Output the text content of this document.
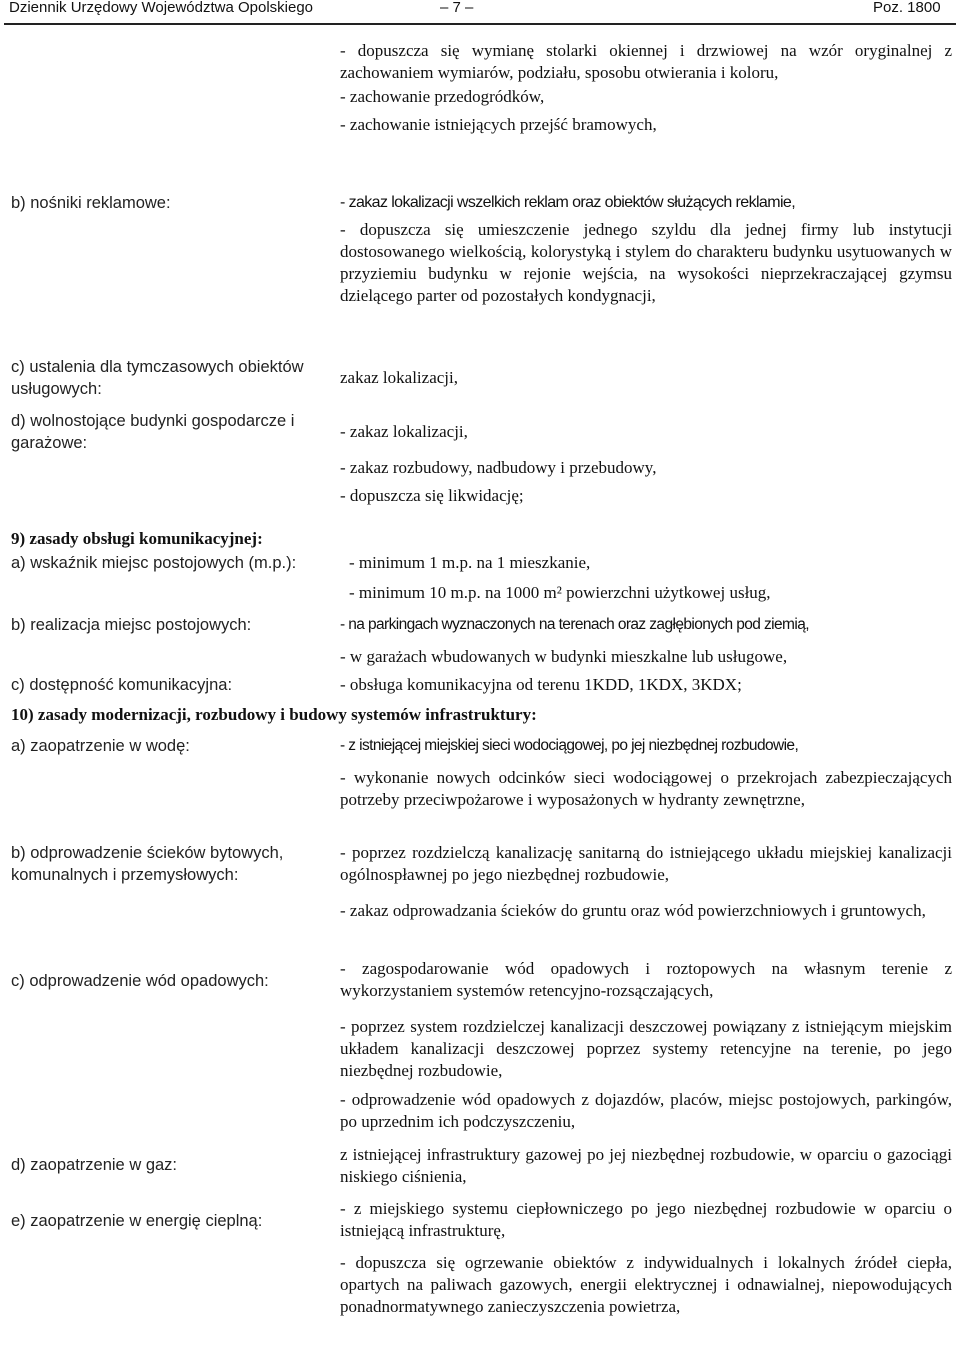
Dziennik Urzędowy Województwa Opolskiego	– 7 –	Poz. 1800

- dopuszcza się wymianę stolarki okiennej i drzwiowej na wzór oryginalnej z zachowaniem wymiarów, podziału, sposobu otwierania i koloru,

- zachowanie przedogródków,

- zachowanie istniejących przejść bramowych,

b) nośniki reklamowe:	- zakaz lokalizacji wszelkich reklam oraz obiektów służących reklamie,

- dopuszcza się umieszczenie jednego szyldu dla jednej firmy lub instytucji dostosowanego wielkością, kolorystyką i stylem do charakteru budynku usytuowanych w przyziemiu budynku w rejonie wejścia, na wysokości nieprzekraczającej gzymsu dzielącego parter od pozostałych kondygnacji,

c) ustalenia dla tymczasowych obiektów usługowych:

zakaz lokalizacji,

d) wolnostojące budynki gospodarcze i garażowe:

- zakaz lokalizacji,

- zakaz rozbudowy, nadbudowy i przebudowy,

- dopuszcza się likwidację;

9) zasady obsługi komunikacyjnej:
a) wskaźnik miejsc postojowych (m.p.):	- minimum 1 m.p. na 1 mieszkanie,

- minimum 10 m.p. na 1000 m² powierzchni użytkowej usług,

b) realizacja miejsc postojowych:	- na parkingach wyznaczonych na terenach oraz zagłębionych pod ziemią,

- w garażach wbudowanych w budynki mieszkalne lub usługowe,

c) dostępność komunikacyjna:	- obsługa komunikacyjna od terenu 1KDD, 1KDX, 3KDX;

10) zasady modernizacji, rozbudowy i budowy systemów infrastruktury:
a) zaopatrzenie w wodę:	- z istniejącej miejskiej sieci wodociągowej, po jej niezbędnej rozbudowie,

- wykonanie nowych odcinków sieci wodociągowej o przekrojach zabezpieczających potrzeby przeciwpożarowe i wyposażonych w hydranty zewnętrzne,

b) odprowadzenie ścieków bytowych, komunalnych i przemysłowych:

- poprzez rozdzielczą kanalizację sanitarną do istniejącego układu miejskiej kanalizacji ogólnospławnej po jego niezbędnej rozbudowie,

- zakaz odprowadzania ścieków do gruntu oraz wód powierzchniowych i gruntowych,

c) odprowadzenie wód opadowych:

- zagospodarowanie wód opadowych i roztopowych na własnym terenie z wykorzystaniem systemów retencyjno-rozsączających,

- poprzez system rozdzielczej kanalizacji deszczowej powiązany z istniejącym miejskim układem kanalizacji deszczowej poprzez systemy retencyjne na terenie, po jego niezbędnej rozbudowie,

- odprowadzenie wód opadowych z dojazdów, placów, miejsc postojowych, parkingów, po uprzednim ich podczyszczeniu,

d) zaopatrzenie w gaz:

z istniejącej infrastruktury gazowej po jej niezbędnej rozbudowie, w oparciu o gazociągi niskiego ciśnienia,

e) zaopatrzenie w energię cieplną:

- z miejskiego systemu ciepłowniczego po jego niezbędnej rozbudowie w oparciu o istniejącą infrastrukturę,

- dopuszcza się ogrzewanie obiektów z indywidualnych i lokalnych źródeł ciepła, opartych na paliwach gazowych, energii elektrycznej i odnawialnej, niepowodujących ponadnormatywnego zanieczyszczenia powietrza,
